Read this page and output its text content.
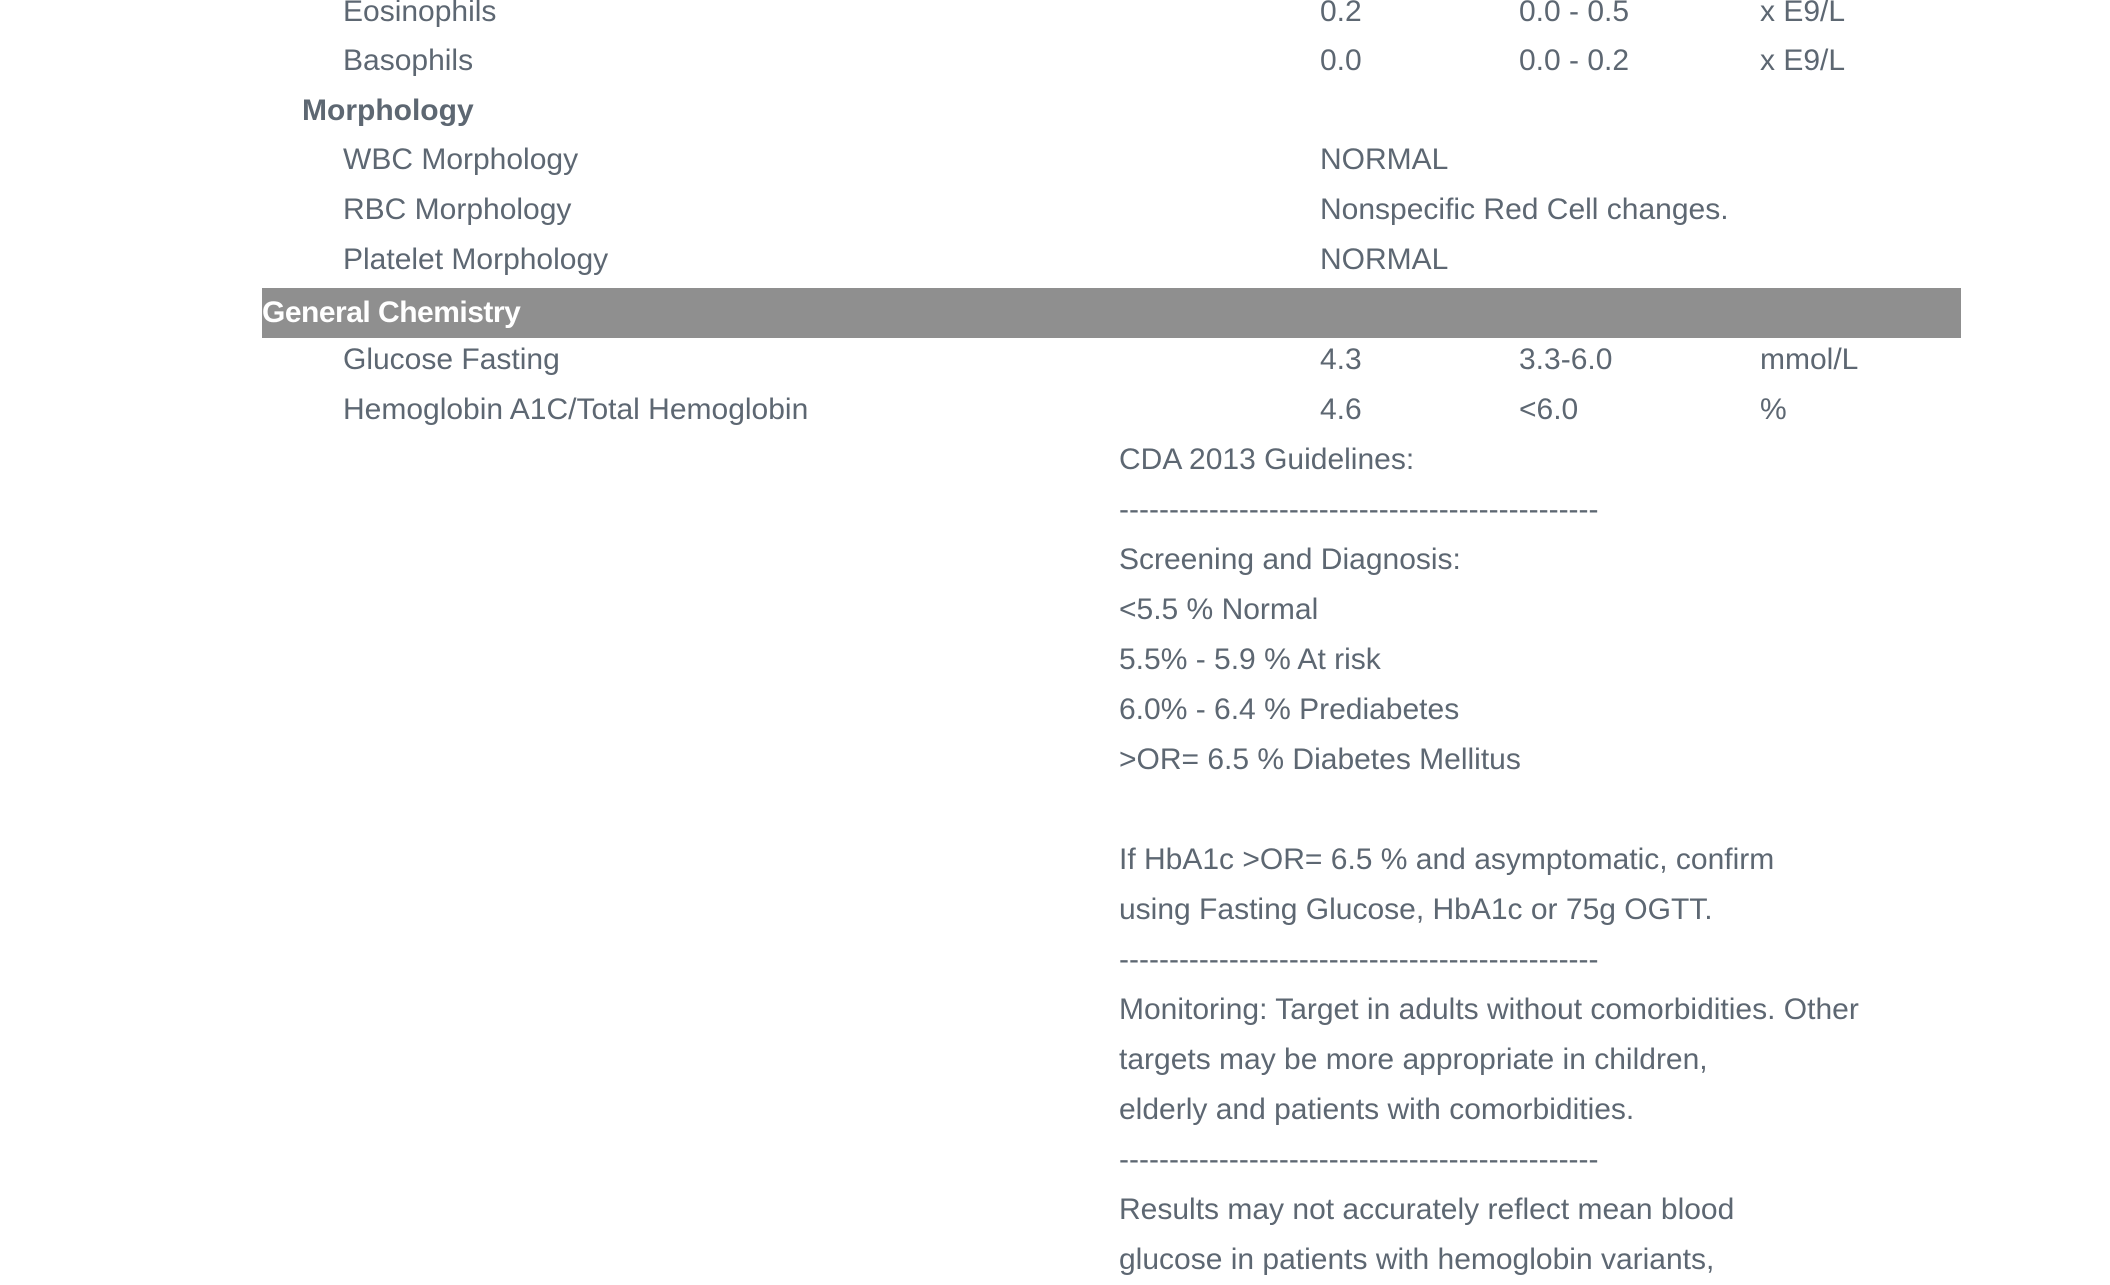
Eosinophils	0.2	0.0 - 0.5	x E9/L
Basophils	0.0	0.0 - 0.2	x E9/L
Morphology
WBC Morphology	NORMAL
RBC Morphology	Nonspecific Red Cell changes.
Platelet Morphology	NORMAL
General Chemistry
Glucose Fasting	4.3	3.3-6.0	mmol/L
Hemoglobin A1C/Total Hemoglobin	4.6	<6.0	%
CDA 2013 Guidelines:
------------------------------------------------
Screening and Diagnosis:
<5.5 % Normal
5.5% - 5.9 % At risk
6.0% - 6.4 % Prediabetes
>OR= 6.5 % Diabetes Mellitus
If HbA1c >OR= 6.5 % and asymptomatic, confirm
using Fasting Glucose, HbA1c or 75g OGTT.
------------------------------------------------
Monitoring: Target in adults without comorbidities. Other
targets may be more appropriate in children,
elderly and patients with comorbidities.
------------------------------------------------
Results may not accurately reflect mean blood
glucose in patients with hemoglobin variants,
